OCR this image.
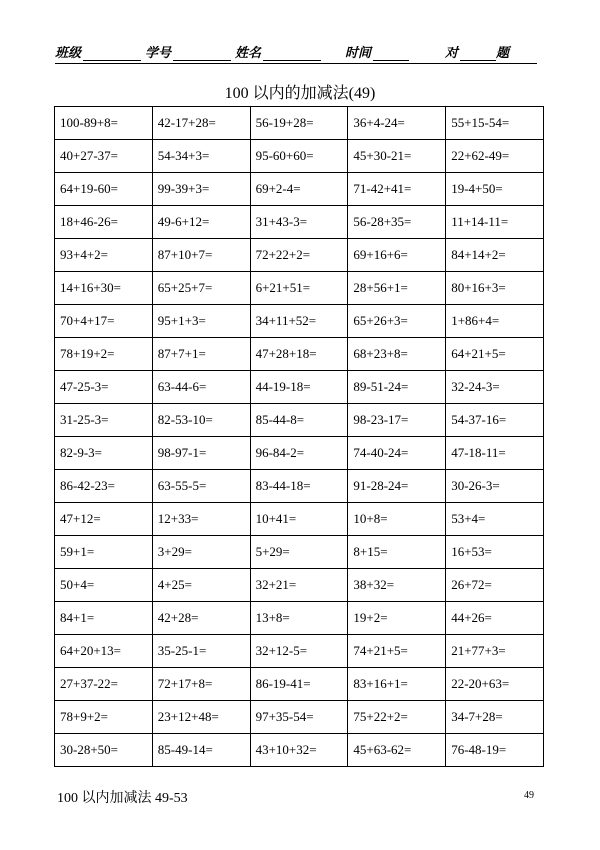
班级	学号	姓名	时间	对	题
100 以内的加减法(49)
100-89+8=	42-17+28=	56-19+28=	36+4-24=	55+15-54=
40+27-37=	54-34+3=	95-60+60=	45+30-21=	22+62-49=
64+19-60=	99-39+3=	69+2-4=	71-42+41=	19-4+50=
18+46-26=	49-6+12=	31+43-3=	56-28+35=	11+14-11=
93+4+2=	87+10+7=	72+22+2=	69+16+6=	84+14+2=
14+16+30=	65+25+7=	6+21+51=	28+56+1=	80+16+3=
70+4+17=	95+1+3=	34+11+52=	65+26+3=	1+86+4=
78+19+2=	87+7+1=	47+28+18=	68+23+8=	64+21+5=
47-25-3=	63-44-6=	44-19-18=	89-51-24=	32-24-3=
31-25-3=	82-53-10=	85-44-8=	98-23-17=	54-37-16=
82-9-3=	98-97-1=	96-84-2=	74-40-24=	47-18-11=
86-42-23=	63-55-5=	83-44-18=	91-28-24=	30-26-3=
47+12=	12+33=	10+41=	10+8=	53+4=
59+1=	3+29=	5+29=	8+15=	16+53=
50+4=	4+25=	32+21=	38+32=	26+72=
84+1=	42+28=	13+8=	19+2=	44+26=
64+20+13=	35-25-1=	32+12-5=	74+21+5=	21+77+3=
27+37-22=	72+17+8=	86-19-41=	83+16+1=	22-20+63=
78+9+2=	23+12+48=	97+35-54=	75+22+2=	34-7+28=
30-28+50=	85-49-14=	43+10+32=	45+63-62=	76-48-19=
100 以内加减法 49-53	49
